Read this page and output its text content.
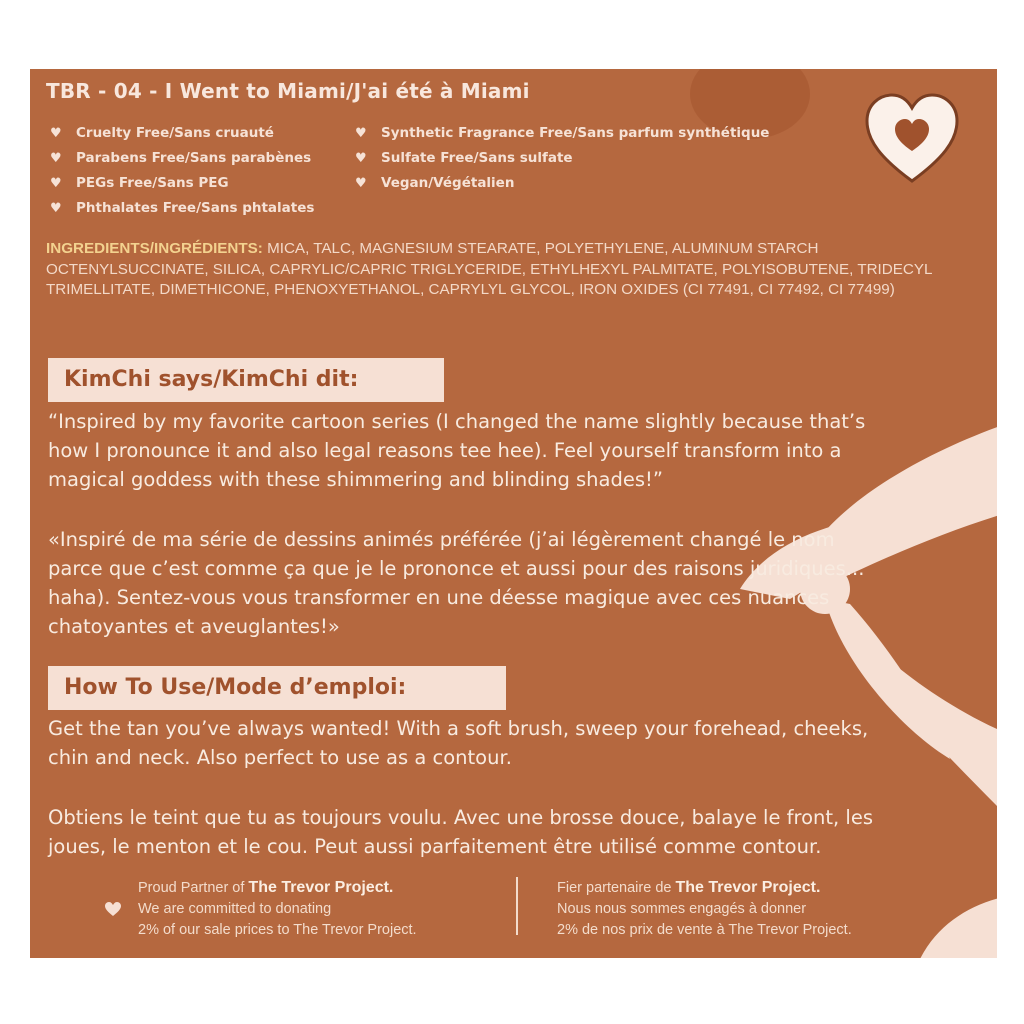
TBR - 04 - I Went to Miami/J'ai été à Miami
♥ Cruelty Free/Sans cruauté
♥ Parabens Free/Sans parabènes
♥ PEGs Free/Sans PEG
♥ Phthalates Free/Sans phtalates
♥ Synthetic Fragrance Free/Sans parfum synthétique
♥ Sulfate Free/Sans sulfate
♥ Vegan/Végétalien
INGREDIENTS/INGRÉDIENTS: MICA, TALC, MAGNESIUM STEARATE, POLYETHYLENE, ALUMINUM STARCH OCTENYLSUCCINATE, SILICA, CAPRYLIC/CAPRIC TRIGLYCERIDE, ETHYLHEXYL PALMITATE, POLYISOBUTENE, TRIDECYL TRIMELLITATE, DIMETHICONE, PHENOXYETHANOL, CAPRYLYL GLYCOL, IRON OXIDES (CI 77491, CI 77492, CI 77499)
KimChi says/KimChi dit:
“Inspired by my favorite cartoon series (I changed the name slightly because that’s
how I pronounce it and also legal reasons tee hee). Feel yourself transform into a
magical goddess with these shimmering and blinding shades!”
«Inspiré de ma série de dessins animés préférée (j’ai légèrement changé le nom
parce que c’est comme ça que je le prononce et aussi pour des raisons juridiques...
haha). Sentez-vous vous transformer en une déesse magique avec ces nuances
chatoyantes et aveuglantes!»
How To Use/Mode d’emploi:
Get the tan you’ve always wanted! With a soft brush, sweep your forehead, cheeks,
chin and neck. Also perfect to use as a contour.
Obtiens le teint que tu as toujours voulu. Avec une brosse douce, balaye le front, les
joues, le menton et le cou. Peut aussi parfaitement être utilisé comme contour.
Proud Partner of The Trevor Project.
We are committed to donating
2% of our sale prices to The Trevor Project.
Fier partenaire de The Trevor Project.
Nous nous sommes engagés à donner
2% de nos prix de vente à The Trevor Project.
